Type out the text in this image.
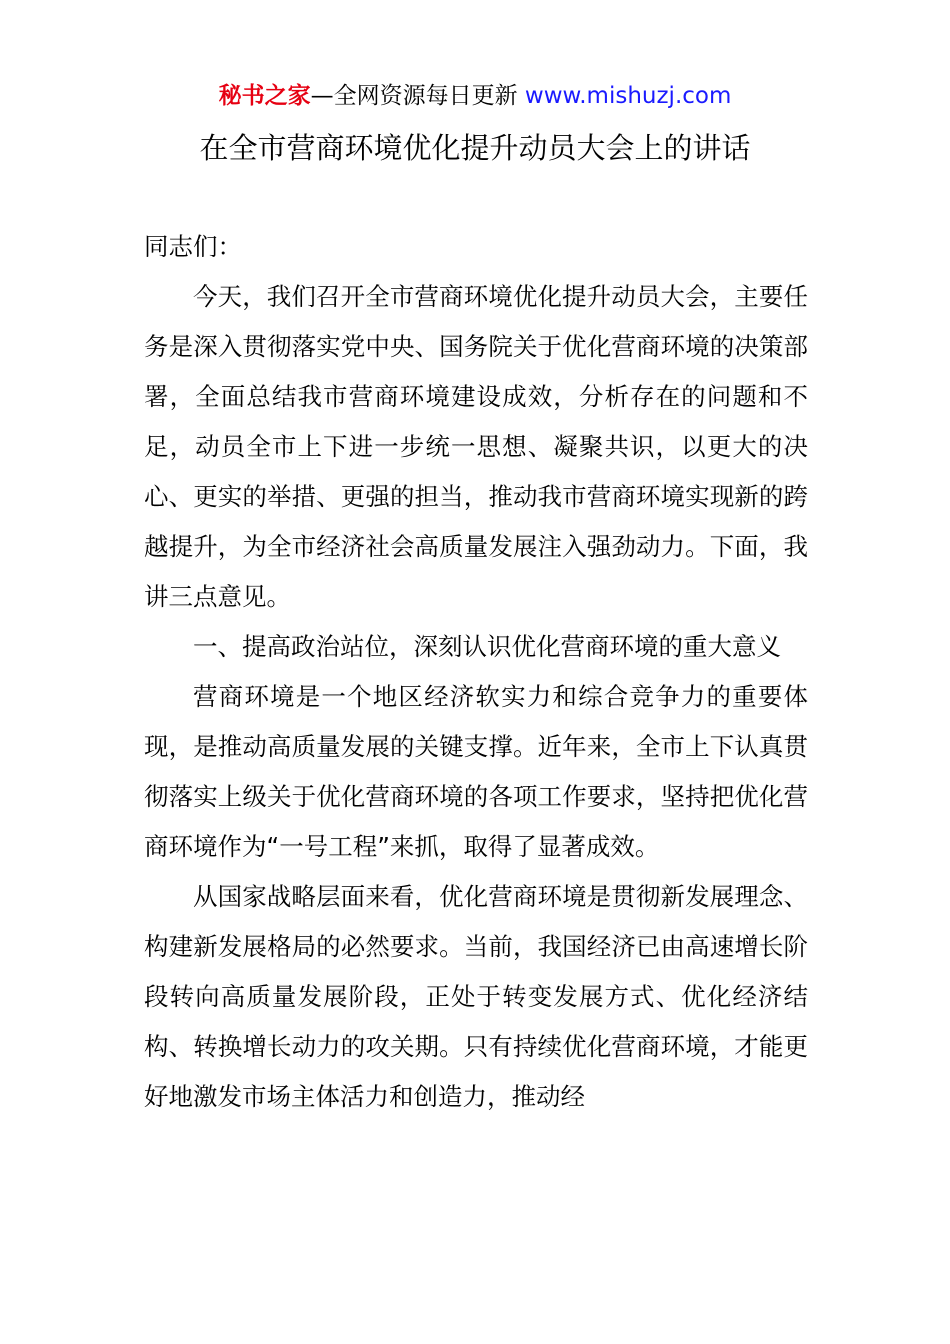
秘书之家—全网资源每日更新 www.mishuzj.com
在全市营商环境优化提升动员大会上的讲话

同志们：

今天，我们召开全市营商环境优化提升动员大会，主要任务是深入贯彻落实党中央、国务院关于优化营商环境的决策部署，全面总结我市营商环境建设成效，分析存在的问题和不足，动员全市上下进一步统一思想、凝聚共识，以更大的决心、更实的举措、更强的担当，推动我市营商环境实现新的跨越提升，为全市经济社会高质量发展注入强劲动力。下面，我讲三点意见。

一、提高政治站位，深刻认识优化营商环境的重大意义

营商环境是一个地区经济软实力和综合竞争力的重要体现，是推动高质量发展的关键支撑。近年来，全市上下认真贯彻落实上级关于优化营商环境的各项工作要求，坚持把优化营商环境作为“一号工程”来抓，取得了显著成效。

从国家战略层面来看，优化营商环境是贯彻新发展理念、构建新发展格局的必然要求。当前，我国经济已由高速增长阶段转向高质量发展阶段，正处于转变发展方式、优化经济结构、转换增长动力的攻关期。只有持续优化营商环境，才能更好地激发市场主体活力和创造力，推动经
